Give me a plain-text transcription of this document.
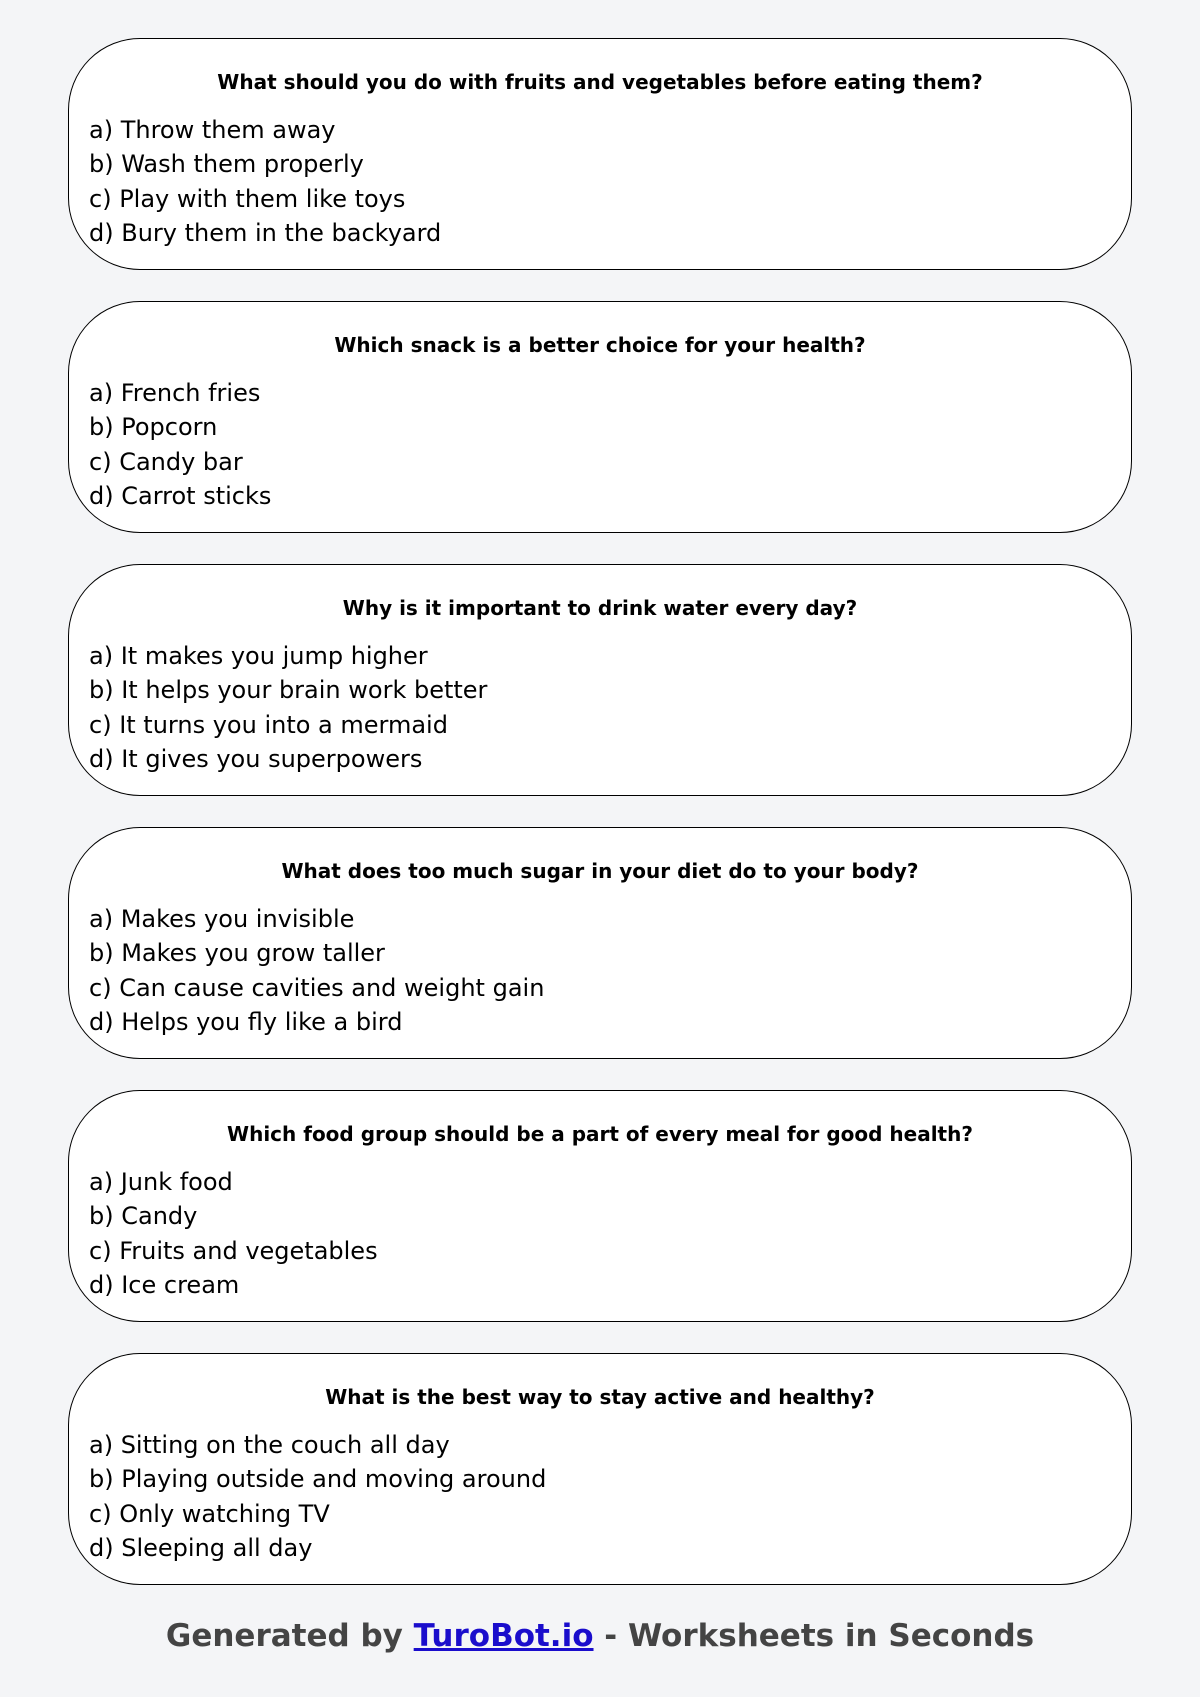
What should you do with fruits and vegetables before eating them?

a) Throw them away
b) Wash them properly
c) Play with them like toys
d) Bury them in the backyard

Which snack is a better choice for your health?

a) French fries
b) Popcorn
c) Candy bar
d) Carrot sticks

Why is it important to drink water every day?

a) It makes you jump higher
b) It helps your brain work better
c) It turns you into a mermaid
d) It gives you superpowers

What does too much sugar in your diet do to your body?

a) Makes you invisible
b) Makes you grow taller
c) Can cause cavities and weight gain
d) Helps you fly like a bird

Which food group should be a part of every meal for good health?

a) Junk food
b) Candy
c) Fruits and vegetables
d) Ice cream

What is the best way to stay active and healthy?

a) Sitting on the couch all day
b) Playing outside and moving around
c) Only watching TV
d) Sleeping all day
Generated by TuroBot.io - Worksheets in Seconds
